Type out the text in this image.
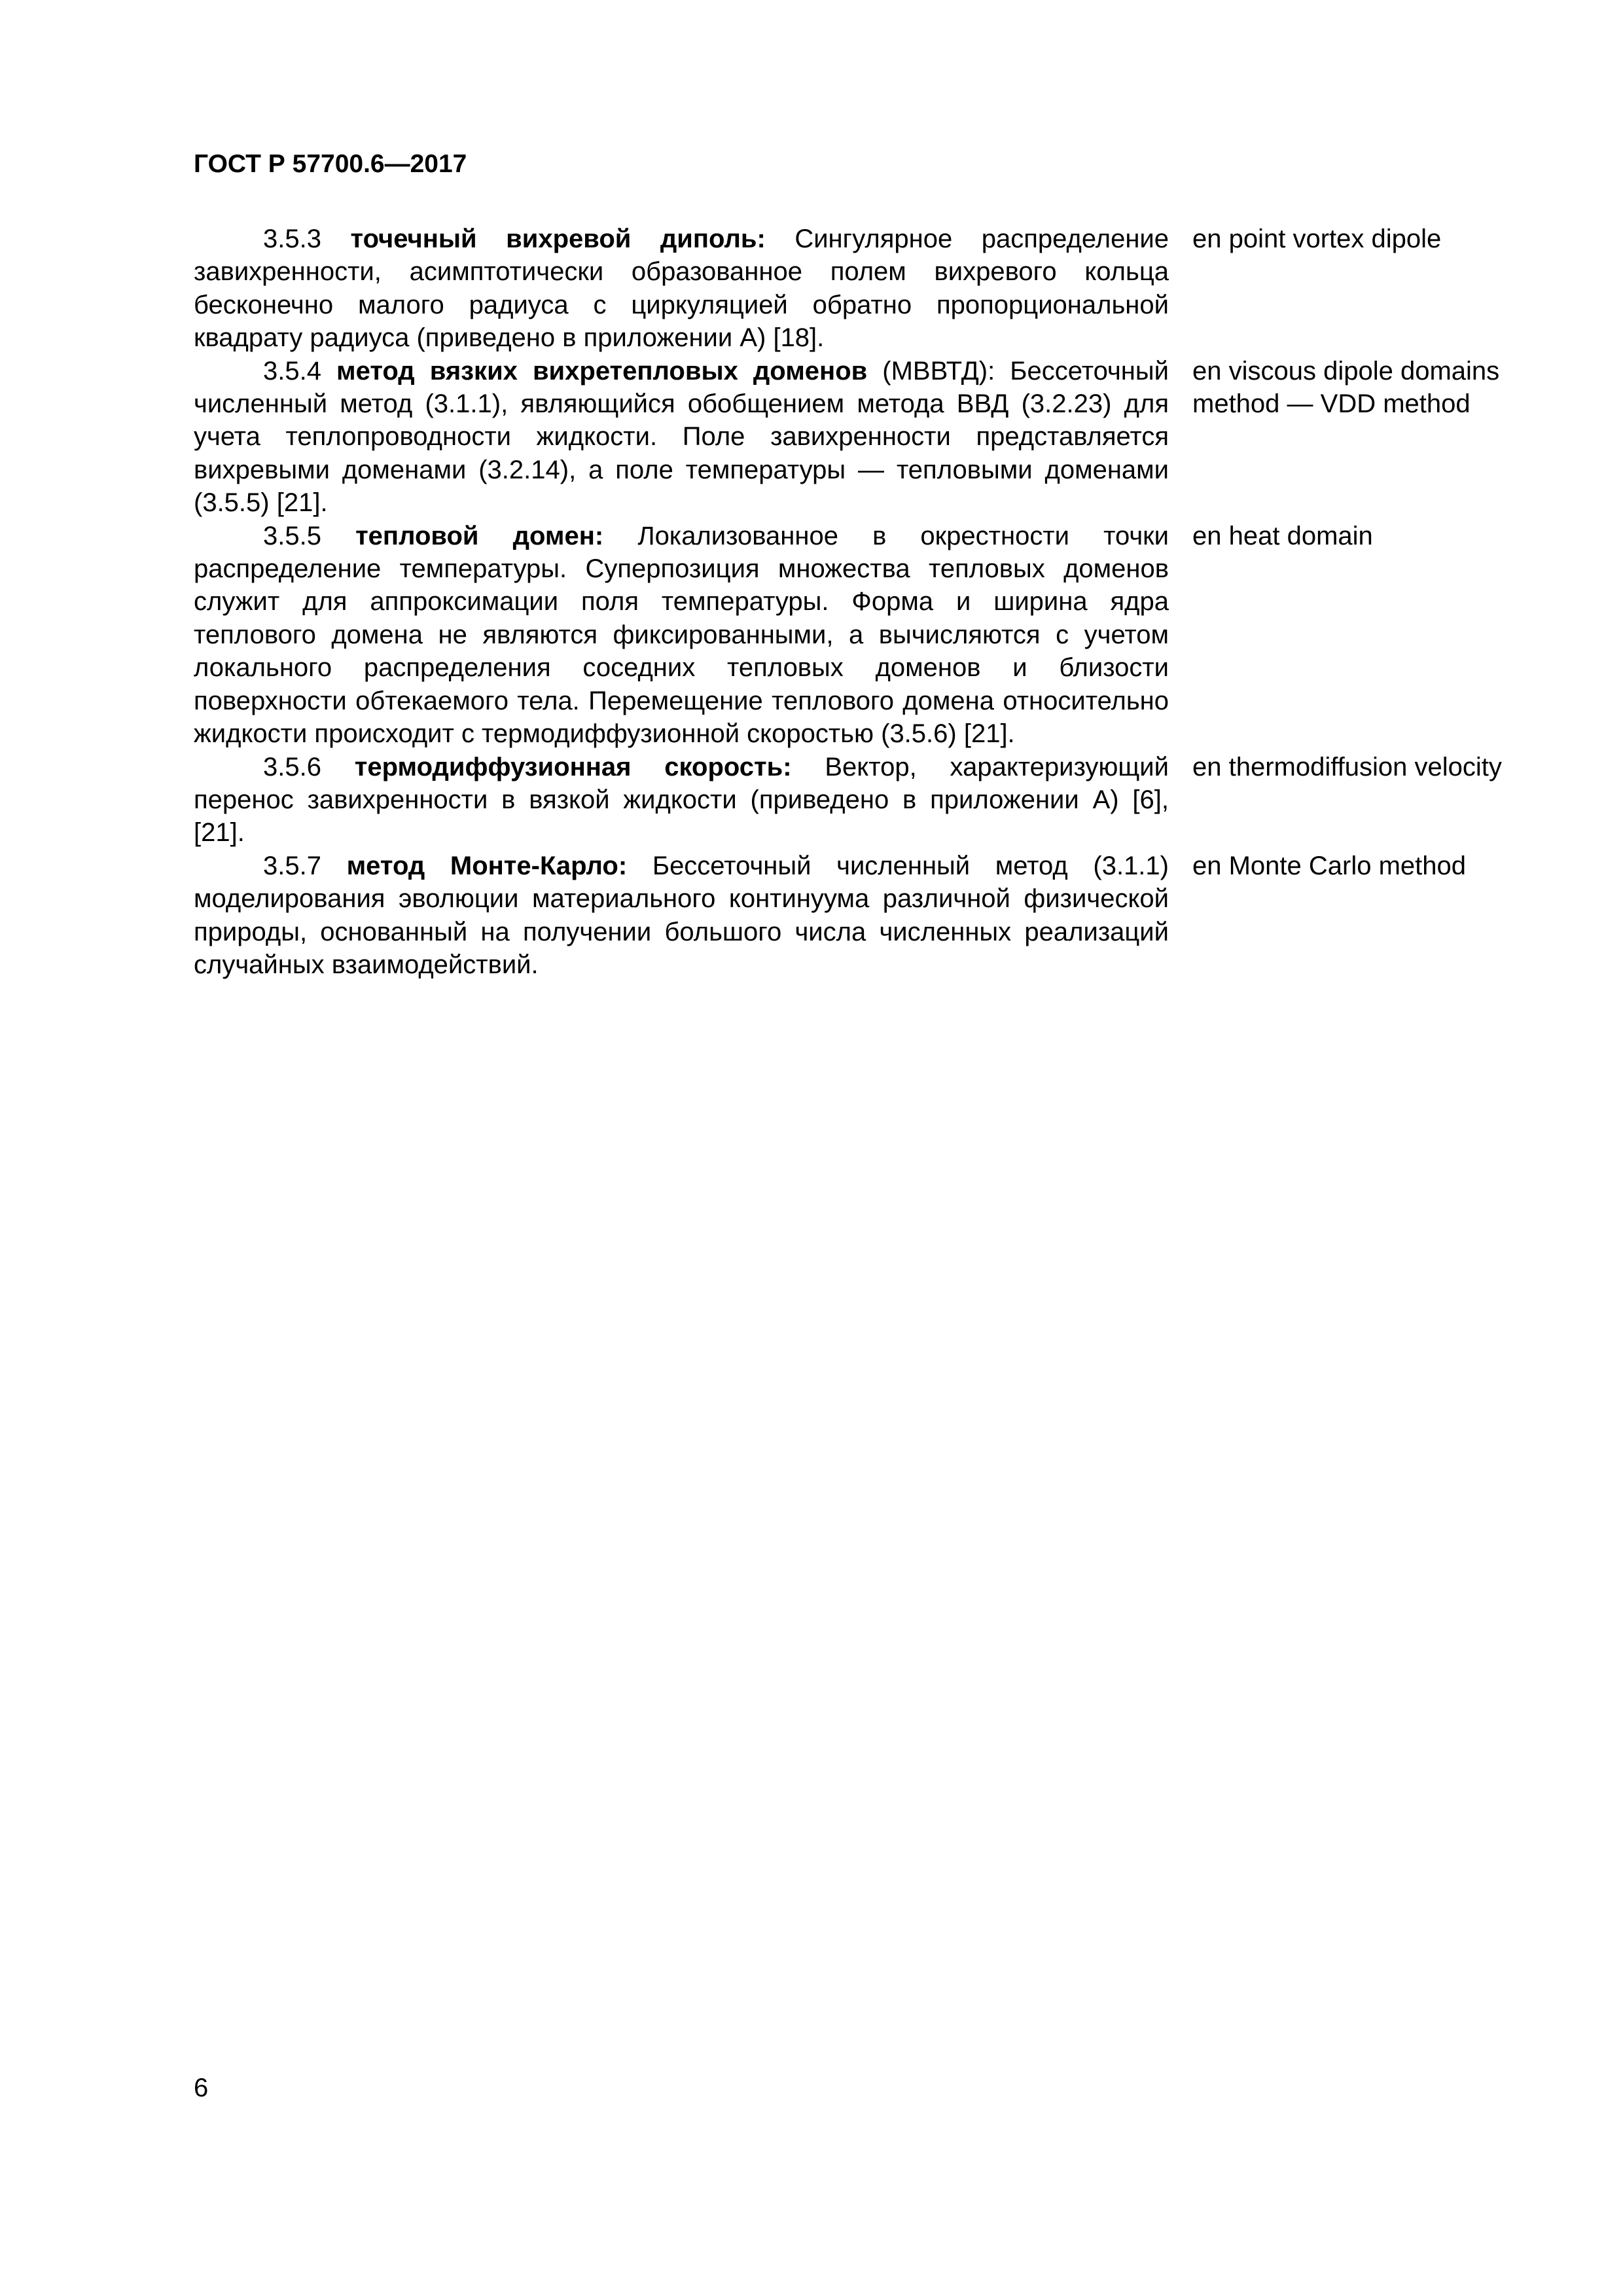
ГОСТ Р 57700.6—2017

3.5.3 точечный вихревой диполь: Сингулярное распределение завихренности, асимптотически образованное полем вихревого кольца бесконечно малого радиуса с циркуляцией обратно пропорциональной квадрату радиуса (приведено в приложении А) [18].

en point vortex dipole

3.5.4 метод вязких вихретепловых доменов (МВВТД): Бессеточный численный метод (3.1.1), являющийся обобщением метода ВВД (3.2.23) для учета теплопроводности жидкости. Поле завихренности представляется вихревыми доменами (3.2.14), а поле температуры — тепловыми доменами (3.5.5) [21].

en viscous dipole domains method — VDD method

3.5.5 тепловой домен: Локализованное в окрестности точки распределение температуры. Суперпозиция множества тепловых доменов служит для аппроксимации поля температуры. Форма и ширина ядра теплового домена не являются фиксированными, а вычисляются с учетом локального распределения соседних тепловых доменов и близости поверхности обтекаемого тела. Перемещение теплового домена относительно жидкости происходит с термодиффузионной скоростью (3.5.6) [21].

en heat domain

3.5.6 термодиффузионная скорость: Вектор, характеризующий перенос завихренности в вязкой жидкости (приведено в приложении А) [6], [21].

en thermodiffusion velocity

3.5.7 метод Монте-Карло: Бессеточный численный метод (3.1.1) моделирования эволюции материального континуума различной физической природы, основанный на получении большого числа численных реализаций случайных взаимодействий.

en Monte Carlo method
6
